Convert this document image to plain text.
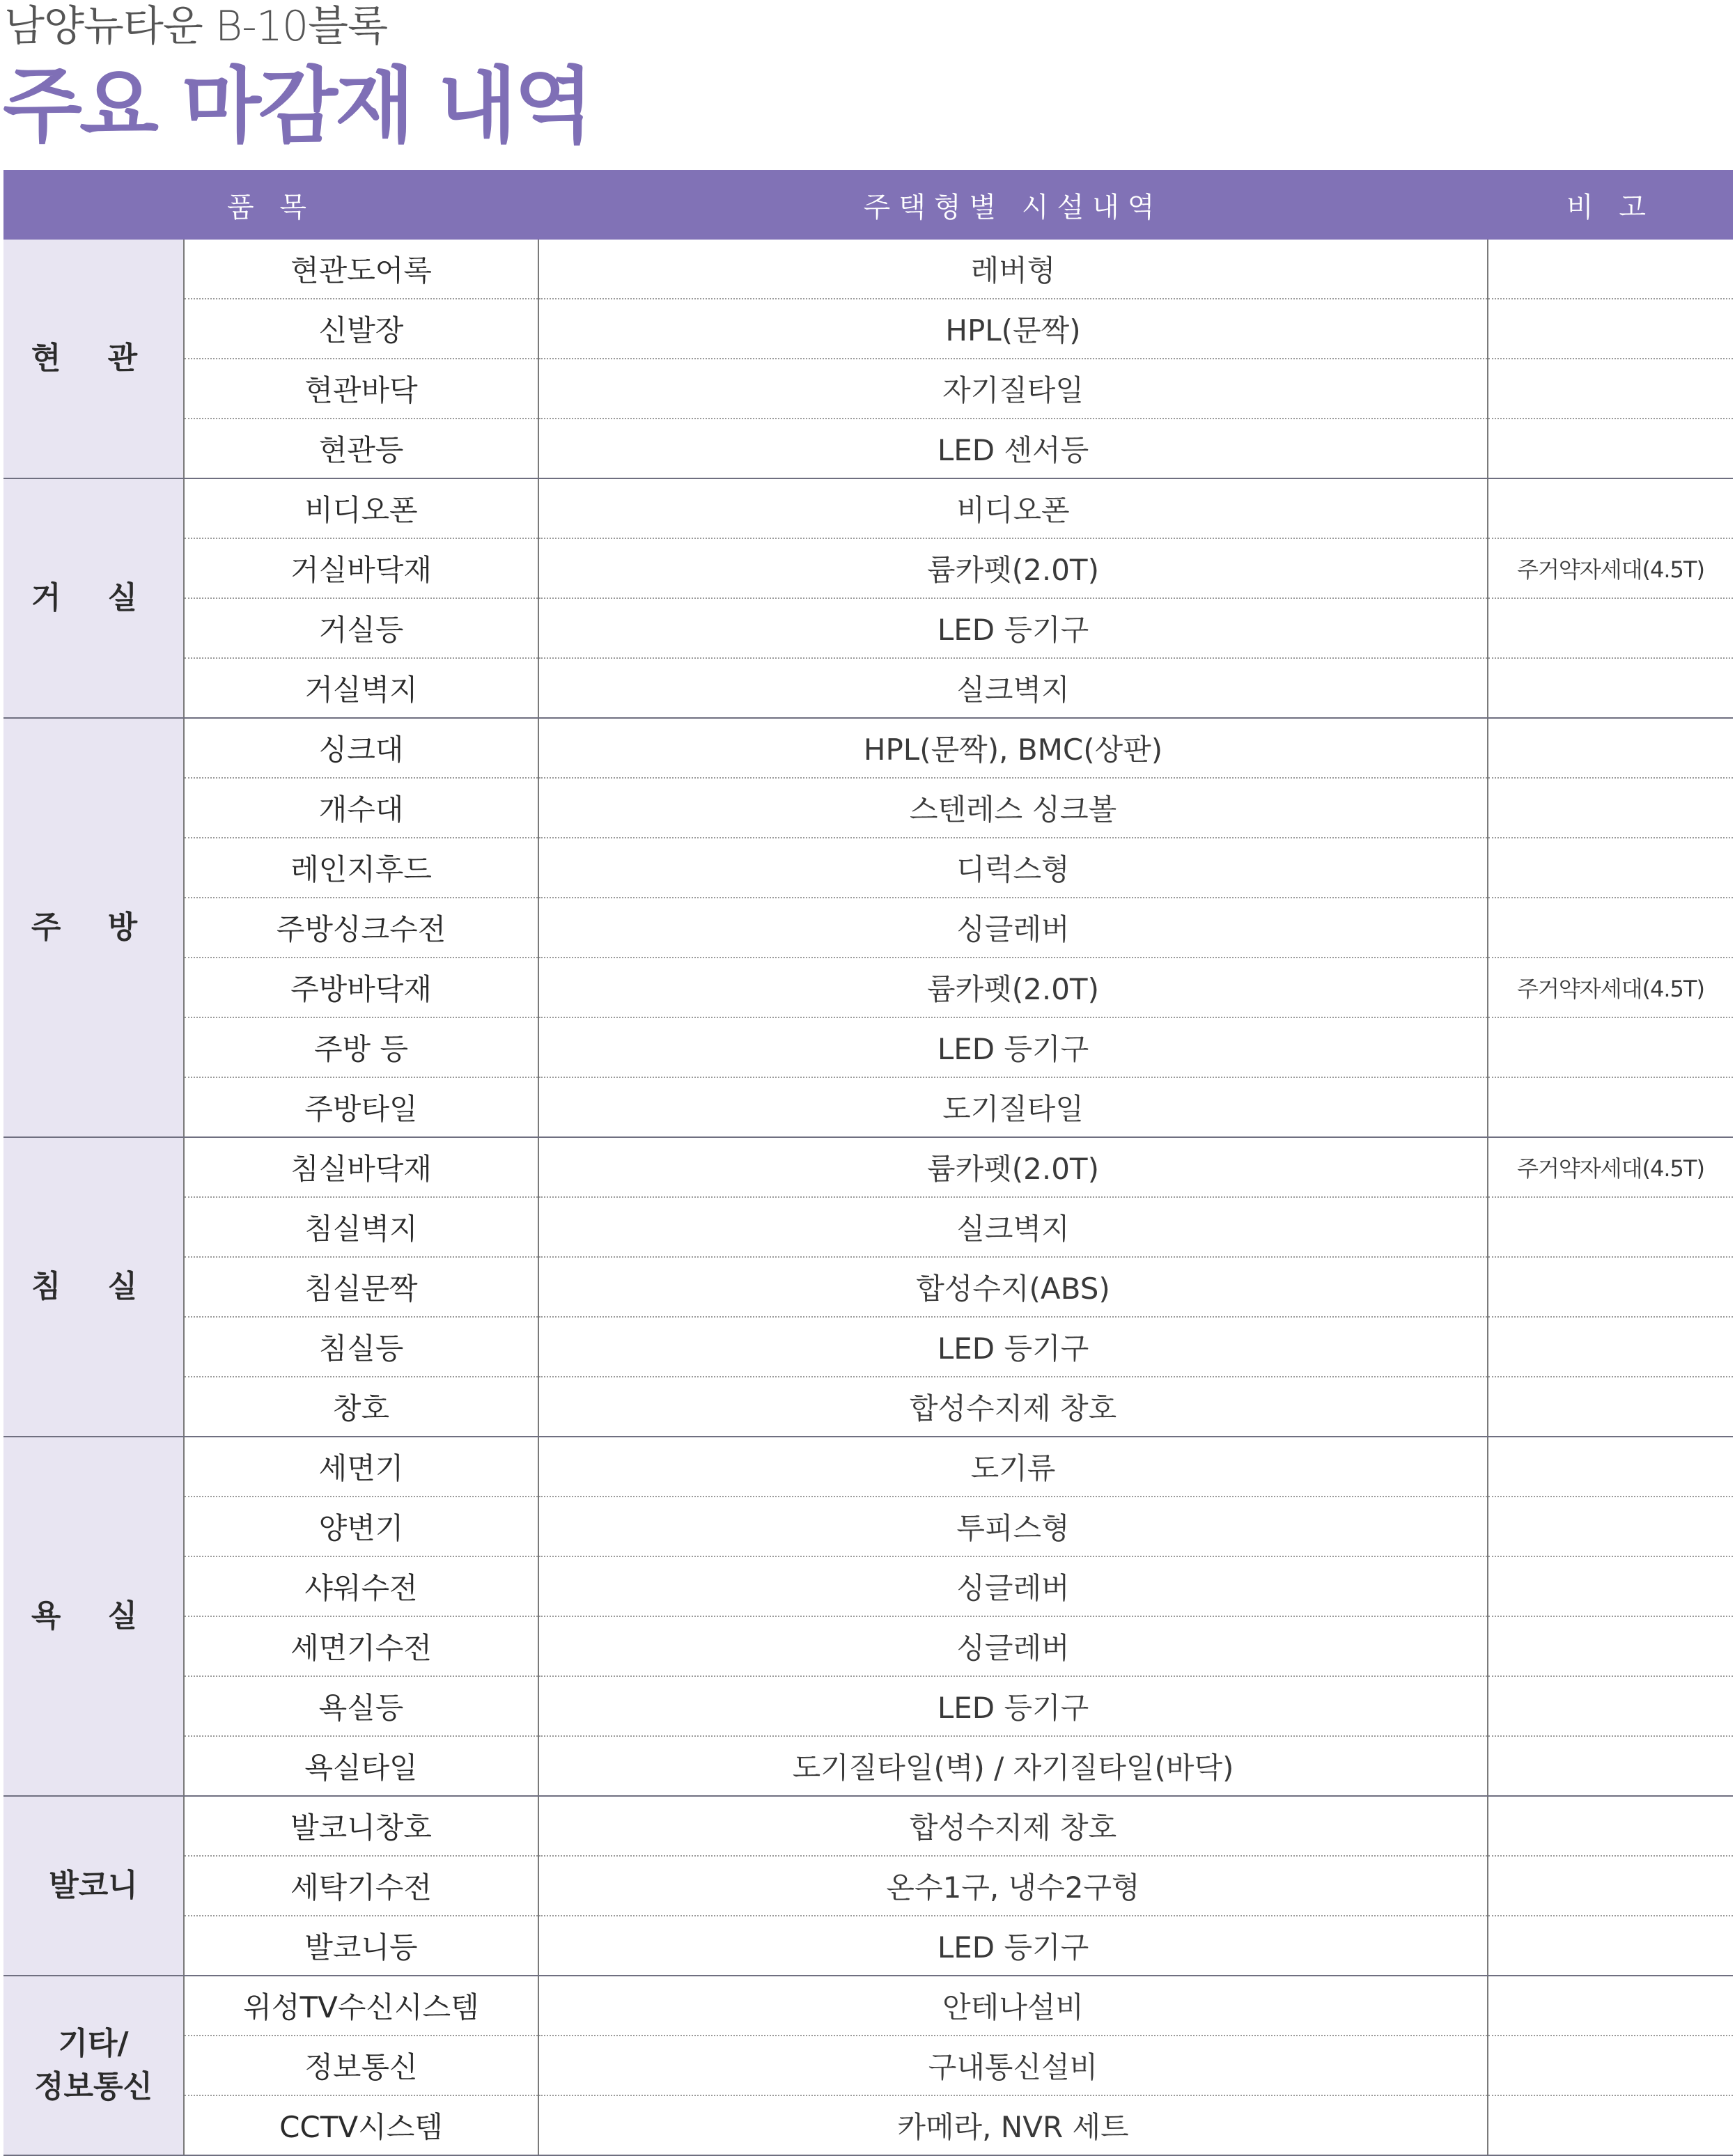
남양뉴타운 B-10블록
주요 마감재 내역
품 목		주택형별 시설내역	비 고
현 관	현관도어록	레버형	
	신발장	HPL(문짝)	
	현관바닥	자기질타일	
	현관등	LED 센서등	
거 실	비디오폰	비디오폰	
	거실바닥재	륨카펫(2.0T)	주거약자세대(4.5T)
	거실등	LED 등기구	
	거실벽지	실크벽지	
주 방	싱크대	HPL(문짝), BMC(상판)	
	개수대	스텐레스 싱크볼	
	레인지후드	디럭스형	
	주방싱크수전	싱글레버	
	주방바닥재	륨카펫(2.0T)	주거약자세대(4.5T)
	주방 등	LED 등기구	
	주방타일	도기질타일	
침 실	침실바닥재	륨카펫(2.0T)	주거약자세대(4.5T)
	침실벽지	실크벽지	
	침실문짝	합성수지(ABS)	
	침실등	LED 등기구	
	창호	합성수지제 창호	
욕 실	세면기	도기류	
	양변기	투피스형	
	샤워수전	싱글레버	
	세면기수전	싱글레버	
	욕실등	LED 등기구	
	욕실타일	도기질타일(벽) / 자기질타일(바닥)	
발코니	발코니창호	합성수지제 창호	
	세탁기수전	온수1구, 냉수2구형	
	발코니등	LED 등기구	
기타/
정보통신	위성TV수신시스템	안테나설비	
	정보통신	구내통신설비	
	CCTV시스템	카메라, NVR 세트	
